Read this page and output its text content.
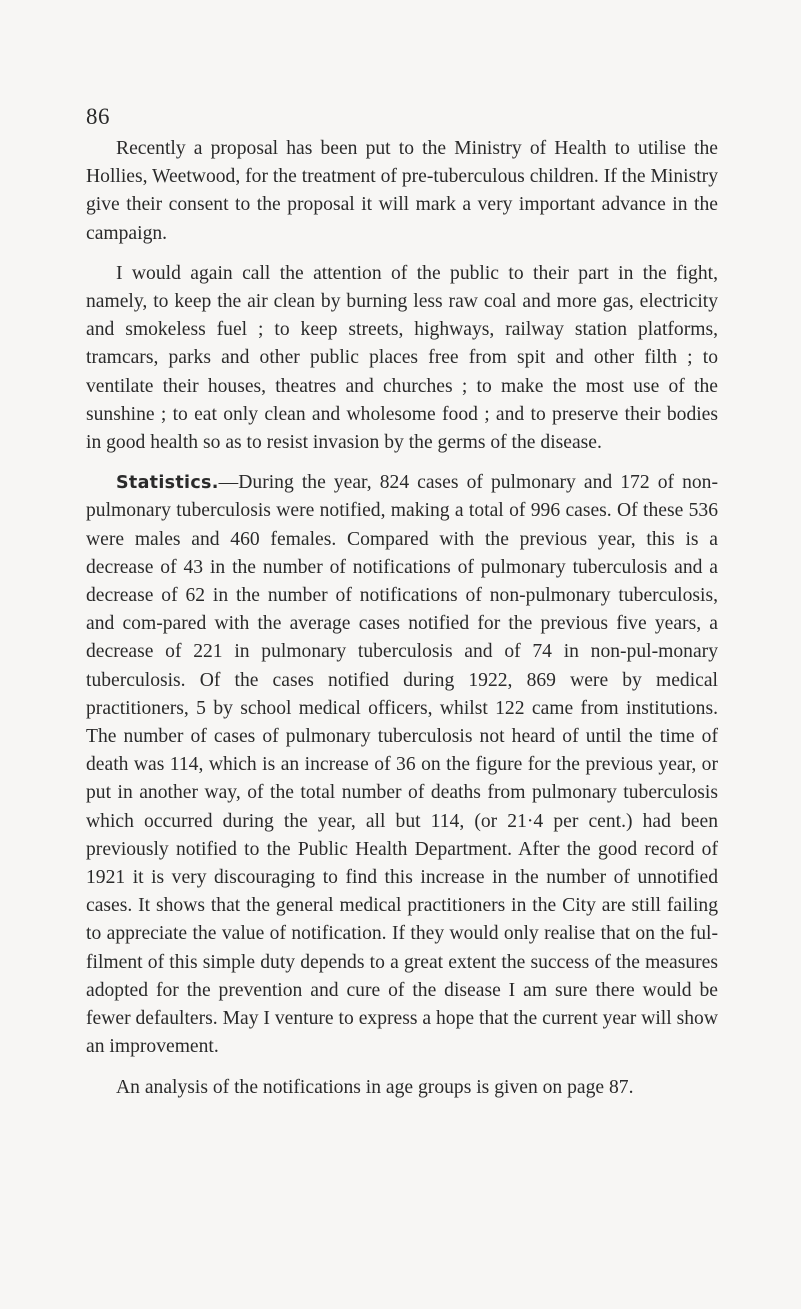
86

Recently a proposal has been put to the Ministry of Health to utilise the Hollies, Weetwood, for the treatment of pre-tuberculous children. If the Ministry give their consent to the proposal it will mark a very important advance in the campaign.

I would again call the attention of the public to their part in the fight, namely, to keep the air clean by burning less raw coal and more gas, electricity and smokeless fuel ; to keep streets, highways, railway station platforms, tramcars, parks and other public places free from spit and other filth ; to ventilate their houses, theatres and churches ; to make the most use of the sunshine ; to eat only clean and wholesome food ; and to preserve their bodies in good health so as to resist invasion by the germs of the disease.

Statistics.—During the year, 824 cases of pulmonary and 172 of non-pulmonary tuberculosis were notified, making a total of 996 cases. Of these 536 were males and 460 females. Compared with the previous year, this is a decrease of 43 in the number of notifications of pulmonary tuberculosis and a decrease of 62 in the number of notifications of non-pulmonary tuberculosis, and com-pared with the average cases notified for the previous five years, a decrease of 221 in pulmonary tuberculosis and of 74 in non-pul-monary tuberculosis. Of the cases notified during 1922, 869 were by medical practitioners, 5 by school medical officers, whilst 122 came from institutions. The number of cases of pulmonary tuberculosis not heard of until the time of death was 114, which is an increase of 36 on the figure for the previous year, or put in another way, of the total number of deaths from pulmonary tuberculosis which occurred during the year, all but 114, (or 21·4 per cent.) had been previously notified to the Public Health Department. After the good record of 1921 it is very discouraging to find this increase in the number of unnotified cases. It shows that the general medical practitioners in the City are still failing to appreciate the value of notification. If they would only realise that on the ful-filment of this simple duty depends to a great extent the success of the measures adopted for the prevention and cure of the disease I am sure there would be fewer defaulters. May I venture to express a hope that the current year will show an improvement.

An analysis of the notifications in age groups is given on page 87.
